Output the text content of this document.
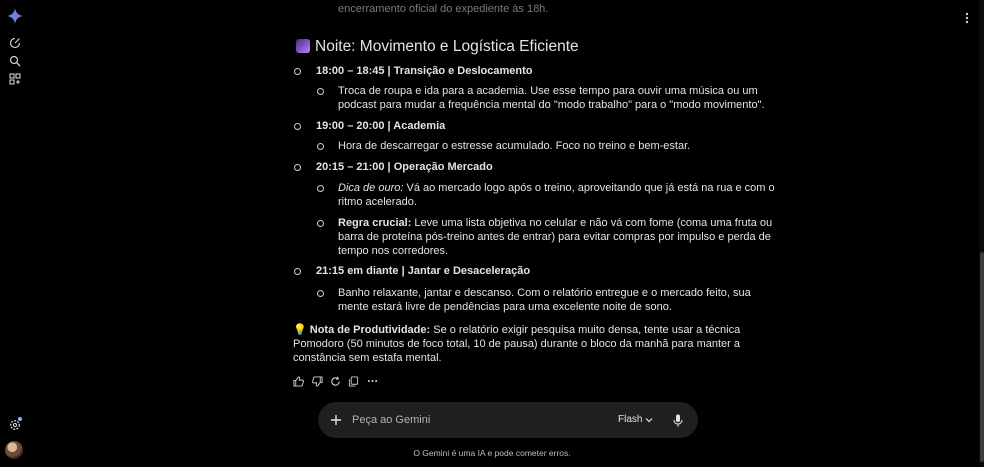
encerramento oficial do expediente às 18h.
Noite: Movimento e Logística Eficiente
18:00 – 18:45 | Transição e Deslocamento
Troca de roupa e ida para a academia. Use esse tempo para ouvir uma música ou um
podcast para mudar a frequência mental do "modo trabalho" para o "modo movimento".
19:00 – 20:00 | Academia
Hora de descarregar o estresse acumulado. Foco no treino e bem-estar.
20:15 – 21:00 | Operação Mercado
Dica de ouro: Vá ao mercado logo após o treino, aproveitando que já está na rua e com o
ritmo acelerado.
Regra crucial: Leve uma lista objetiva no celular e não vá com fome (coma uma fruta ou
barra de proteína pós-treino antes de entrar) para evitar compras por impulso e perda de
tempo nos corredores.
21:15 em diante | Jantar e Desaceleração
Banho relaxante, jantar e descanso. Com o relatório entregue e o mercado feito, sua
mente estará livre de pendências para uma excelente noite de sono.
💡 Nota de Produtividade: Se o relatório exigir pesquisa muito densa, tente usar a técnica
Pomodoro (50 minutos de foco total, 10 de pausa) durante o bloco da manhã para manter a
constância sem estafa mental.
Peça ao Gemini	Flash
O Gemini é uma IA e pode cometer erros.
